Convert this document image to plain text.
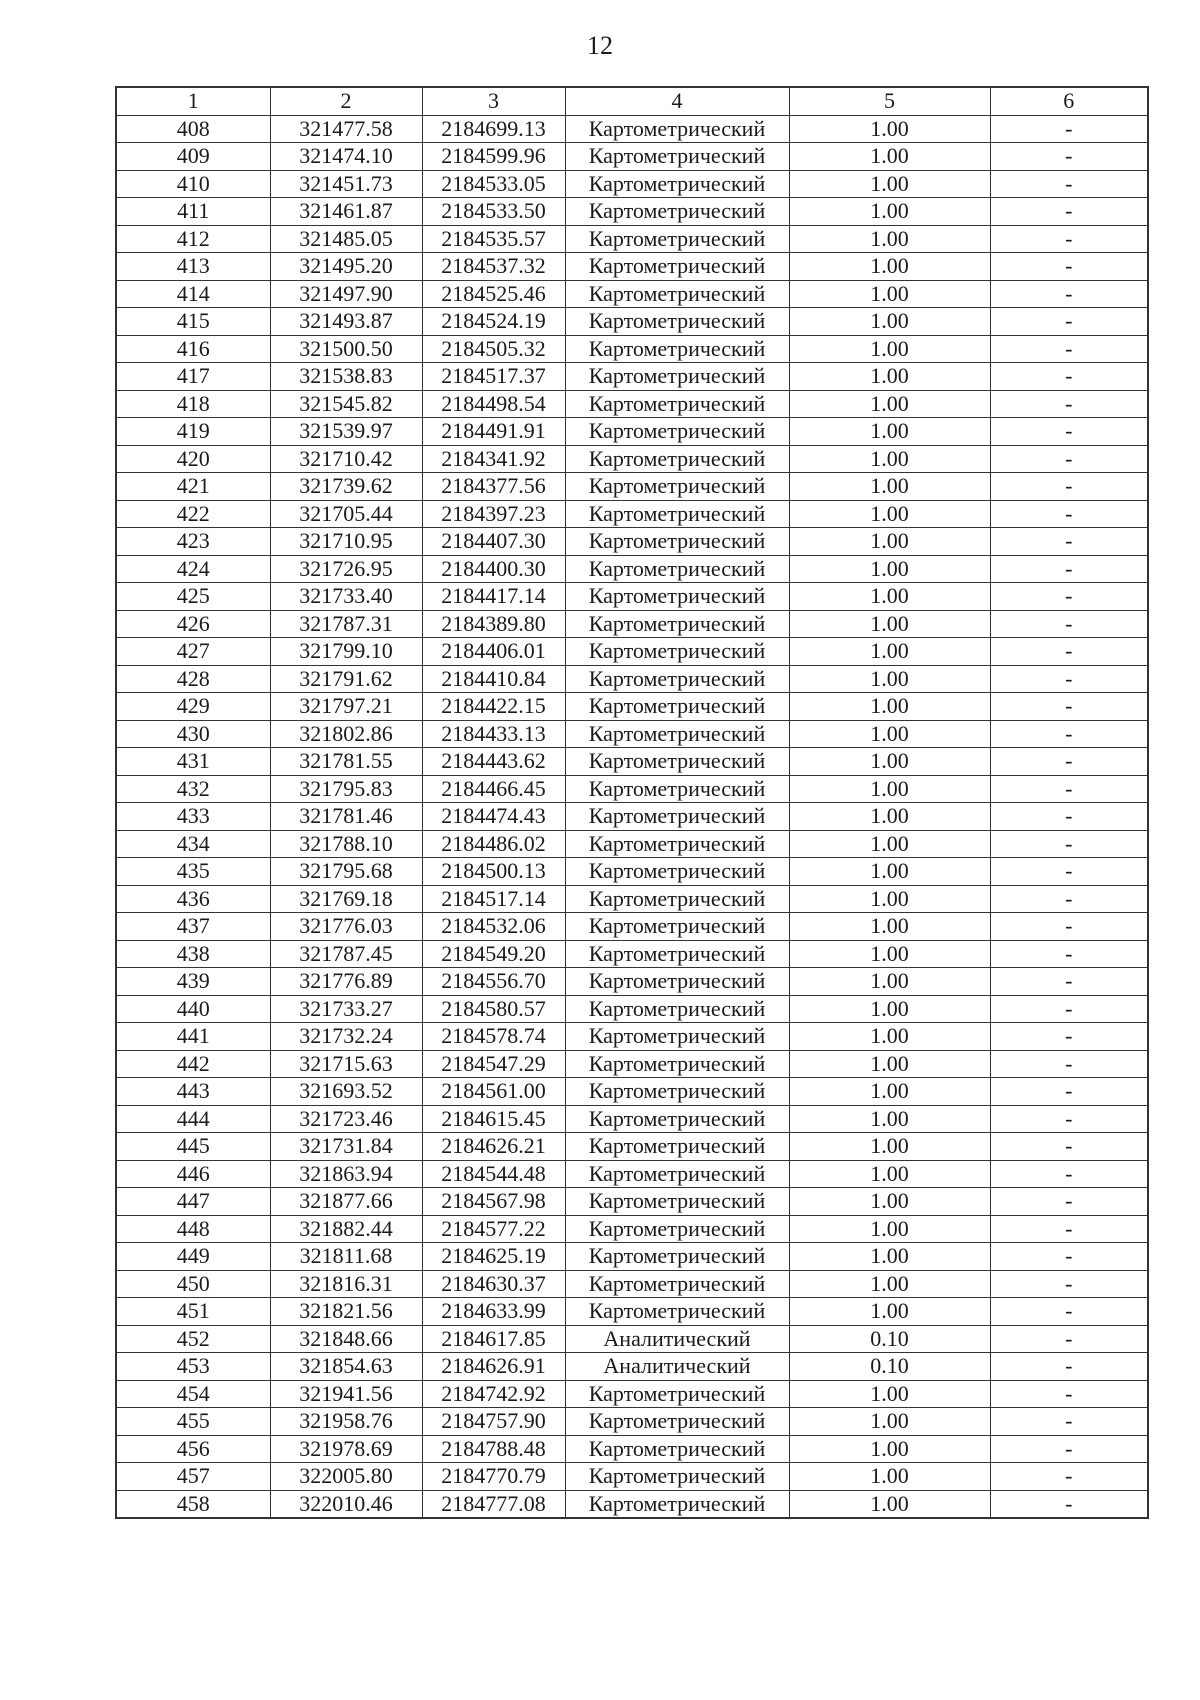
12
1	2	3	4	5	6
408	321477.58	2184699.13	Картометрический	1.00	-
409	321474.10	2184599.96	Картометрический	1.00	-
410	321451.73	2184533.05	Картометрический	1.00	-
411	321461.87	2184533.50	Картометрический	1.00	-
412	321485.05	2184535.57	Картометрический	1.00	-
413	321495.20	2184537.32	Картометрический	1.00	-
414	321497.90	2184525.46	Картометрический	1.00	-
415	321493.87	2184524.19	Картометрический	1.00	-
416	321500.50	2184505.32	Картометрический	1.00	-
417	321538.83	2184517.37	Картометрический	1.00	-
418	321545.82	2184498.54	Картометрический	1.00	-
419	321539.97	2184491.91	Картометрический	1.00	-
420	321710.42	2184341.92	Картометрический	1.00	-
421	321739.62	2184377.56	Картометрический	1.00	-
422	321705.44	2184397.23	Картометрический	1.00	-
423	321710.95	2184407.30	Картометрический	1.00	-
424	321726.95	2184400.30	Картометрический	1.00	-
425	321733.40	2184417.14	Картометрический	1.00	-
426	321787.31	2184389.80	Картометрический	1.00	-
427	321799.10	2184406.01	Картометрический	1.00	-
428	321791.62	2184410.84	Картометрический	1.00	-
429	321797.21	2184422.15	Картометрический	1.00	-
430	321802.86	2184433.13	Картометрический	1.00	-
431	321781.55	2184443.62	Картометрический	1.00	-
432	321795.83	2184466.45	Картометрический	1.00	-
433	321781.46	2184474.43	Картометрический	1.00	-
434	321788.10	2184486.02	Картометрический	1.00	-
435	321795.68	2184500.13	Картометрический	1.00	-
436	321769.18	2184517.14	Картометрический	1.00	-
437	321776.03	2184532.06	Картометрический	1.00	-
438	321787.45	2184549.20	Картометрический	1.00	-
439	321776.89	2184556.70	Картометрический	1.00	-
440	321733.27	2184580.57	Картометрический	1.00	-
441	321732.24	2184578.74	Картометрический	1.00	-
442	321715.63	2184547.29	Картометрический	1.00	-
443	321693.52	2184561.00	Картометрический	1.00	-
444	321723.46	2184615.45	Картометрический	1.00	-
445	321731.84	2184626.21	Картометрический	1.00	-
446	321863.94	2184544.48	Картометрический	1.00	-
447	321877.66	2184567.98	Картометрический	1.00	-
448	321882.44	2184577.22	Картометрический	1.00	-
449	321811.68	2184625.19	Картометрический	1.00	-
450	321816.31	2184630.37	Картометрический	1.00	-
451	321821.56	2184633.99	Картометрический	1.00	-
452	321848.66	2184617.85	Аналитический	0.10	-
453	321854.63	2184626.91	Аналитический	0.10	-
454	321941.56	2184742.92	Картометрический	1.00	-
455	321958.76	2184757.90	Картометрический	1.00	-
456	321978.69	2184788.48	Картометрический	1.00	-
457	322005.80	2184770.79	Картометрический	1.00	-
458	322010.46	2184777.08	Картометрический	1.00	-
